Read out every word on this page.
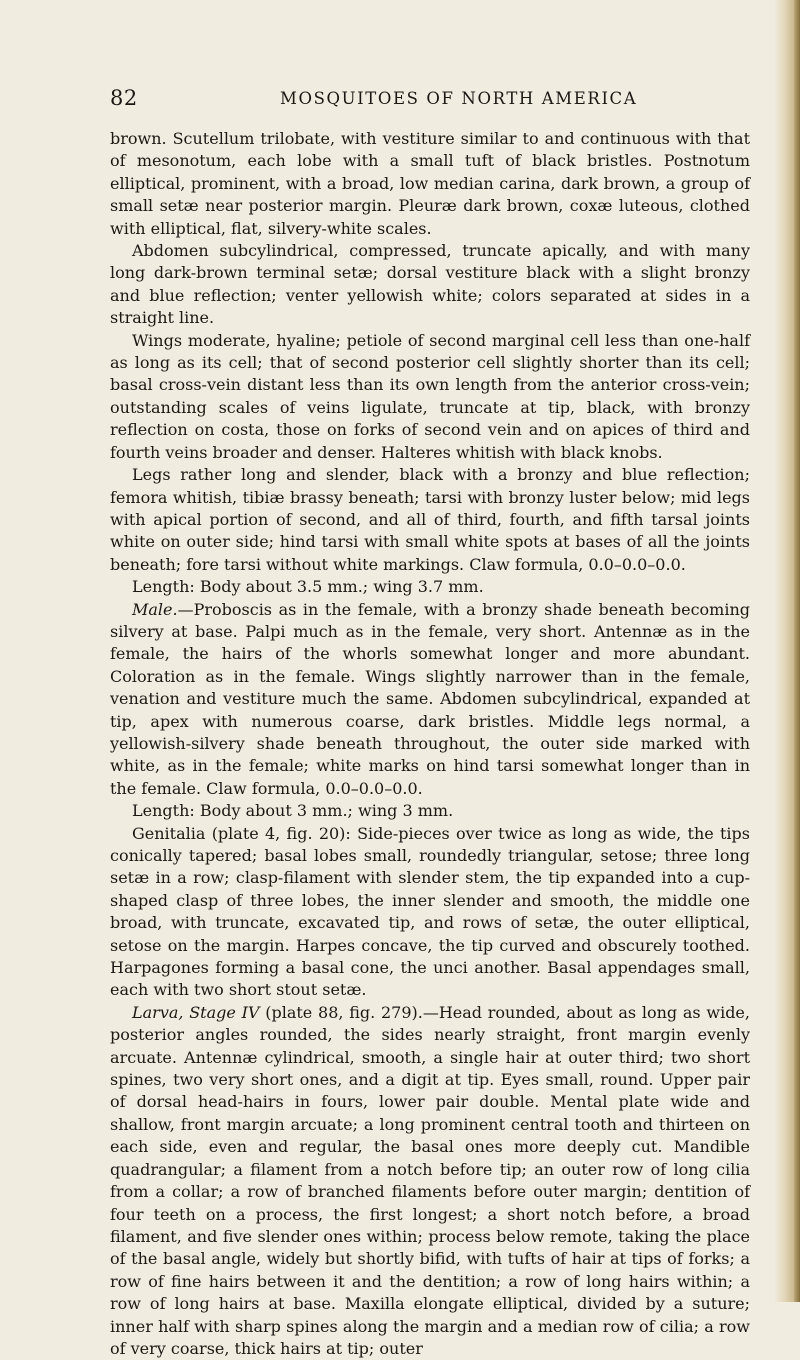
82	MOSQUITOES OF NORTH AMERICA

brown. Scutellum trilobate, with vestiture similar to and continuous with that of mesonotum, each lobe with a small tuft of black bristles. Postnotum elliptical, prominent, with a broad, low median carina, dark brown, a group of small setæ near posterior margin. Pleuræ dark brown, coxæ luteous, clothed with elliptical, flat, silvery-white scales.

Abdomen subcylindrical, compressed, truncate apically, and with many long dark-brown terminal setæ; dorsal vestiture black with a slight bronzy and blue reflection; venter yellowish white; colors separated at sides in a straight line.

Wings moderate, hyaline; petiole of second marginal cell less than one-half as long as its cell; that of second posterior cell slightly shorter than its cell; basal cross-vein distant less than its own length from the anterior cross-vein; outstanding scales of veins ligulate, truncate at tip, black, with bronzy reflection on costa, those on forks of second vein and on apices of third and fourth veins broader and denser. Halteres whitish with black knobs.

Legs rather long and slender, black with a bronzy and blue reflection; femora whitish, tibiæ brassy beneath; tarsi with bronzy luster below; mid legs with apical portion of second, and all of third, fourth, and fifth tarsal joints white on outer side; hind tarsi with small white spots at bases of all the joints beneath; fore tarsi without white markings. Claw formula, 0.0–0.0–0.0.

Length: Body about 3.5 mm.; wing 3.7 mm.

Male.—Proboscis as in the female, with a bronzy shade beneath becoming silvery at base. Palpi much as in the female, very short. Antennæ as in the female, the hairs of the whorls somewhat longer and more abundant. Coloration as in the female. Wings slightly narrower than in the female, venation and vestiture much the same. Abdomen subcylindrical, expanded at tip, apex with numerous coarse, dark bristles. Middle legs normal, a yellowish-silvery shade beneath throughout, the outer side marked with white, as in the female; white marks on hind tarsi somewhat longer than in the female. Claw formula, 0.0–0.0–0.0.

Length: Body about 3 mm.; wing 3 mm.

Genitalia (plate 4, fig. 20): Side-pieces over twice as long as wide, the tips conically tapered; basal lobes small, roundedly triangular, setose; three long setæ in a row; clasp-filament with slender stem, the tip expanded into a cup-shaped clasp of three lobes, the inner slender and smooth, the middle one broad, with truncate, excavated tip, and rows of setæ, the outer elliptical, setose on the margin. Harpes concave, the tip curved and obscurely toothed. Harpagones forming a basal cone, the unci another. Basal appendages small, each with two short stout setæ.

Larva, Stage IV (plate 88, fig. 279).—Head rounded, about as long as wide, posterior angles rounded, the sides nearly straight, front margin evenly arcuate. Antennæ cylindrical, smooth, a single hair at outer third; two short spines, two very short ones, and a digit at tip. Eyes small, round. Upper pair of dorsal head-hairs in fours, lower pair double. Mental plate wide and shallow, front margin arcuate; a long prominent central tooth and thirteen on each side, even and regular, the basal ones more deeply cut. Mandible quadrangular; a filament from a notch before tip; an outer row of long cilia from a collar; a row of branched filaments before outer margin; dentition of four teeth on a process, the first longest; a short notch before, a broad filament, and five slender ones within; process below remote, taking the place of the basal angle, widely but shortly bifid, with tufts of hair at tips of forks; a row of fine hairs between it and the dentition; a row of long hairs within; a row of long hairs at base. Maxilla elongate elliptical, divided by a suture; inner half with sharp spines along the margin and a median row of cilia; a row of very coarse, thick hairs at tip; outer
